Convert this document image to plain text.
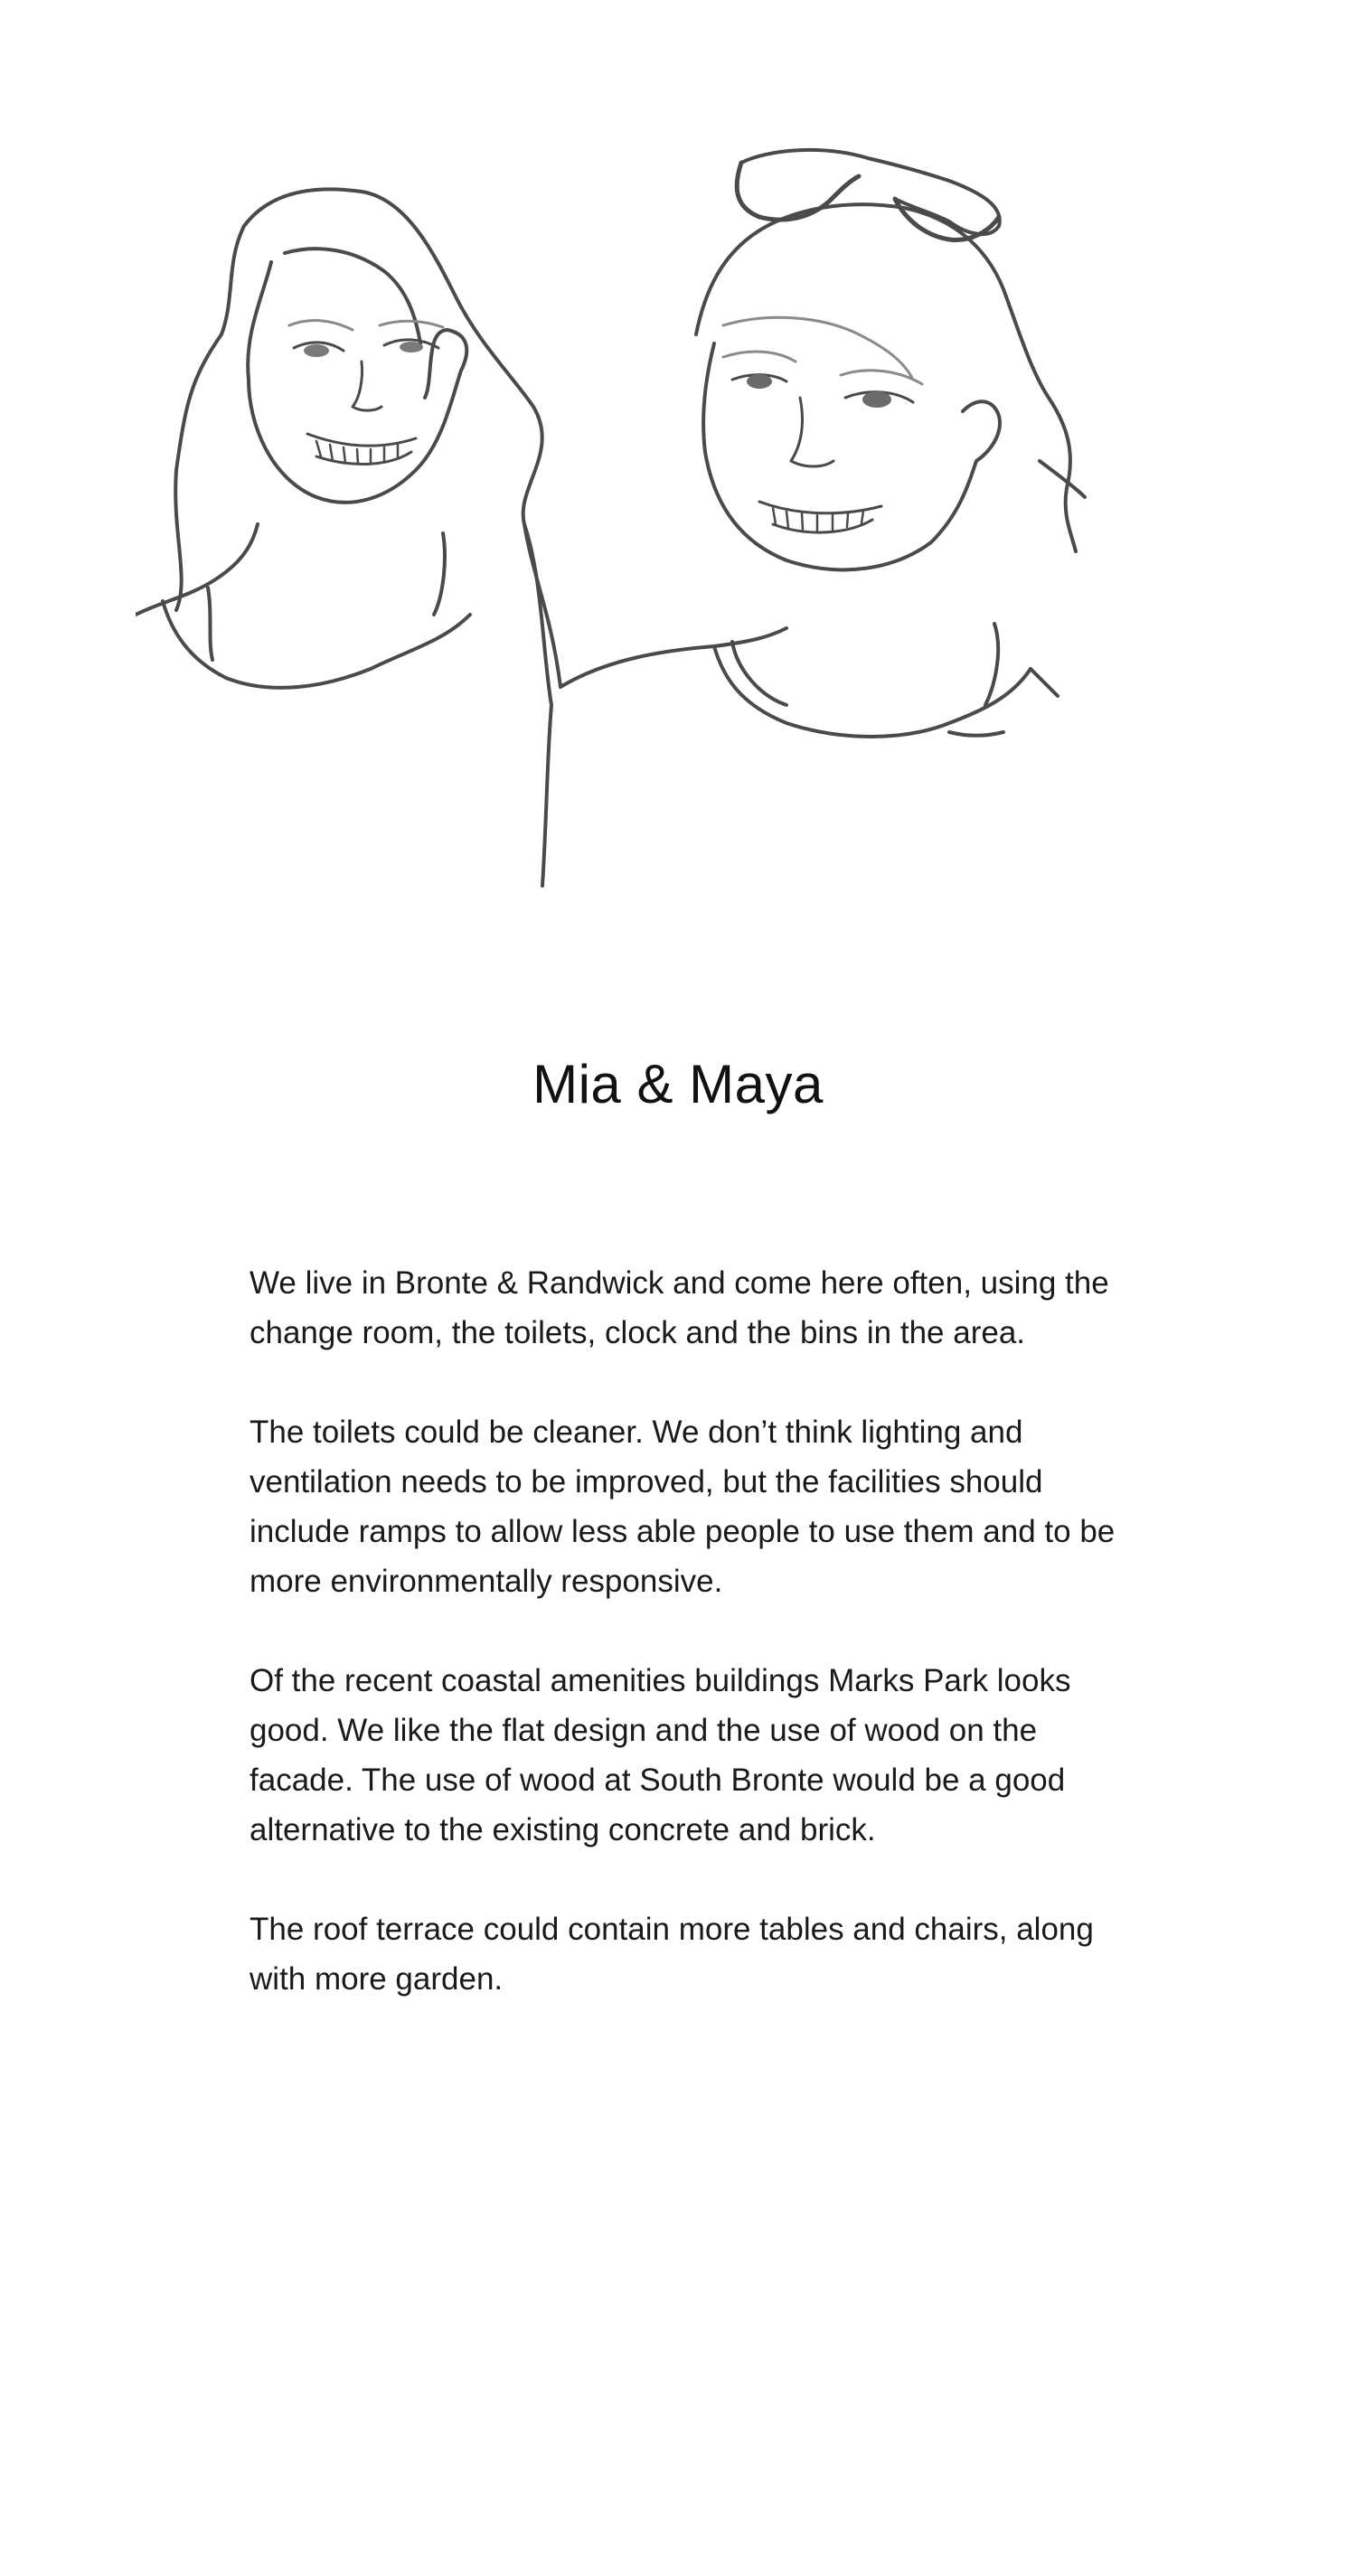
Mia & Maya

We live in Bronte & Randwick and come here often, using the change room, the toilets, clock and the bins in the area.

The toilets could be cleaner. We don’t think lighting and ventilation needs to be improved, but the facilities should include ramps to allow less able people to use them and to be more environmentally responsive.

Of the recent coastal amenities buildings Marks Park looks good. We like the flat design and the use of wood on the facade. The use of wood at South Bronte would be a good alternative to the existing concrete and brick.

The roof terrace could contain more tables and chairs, along with more garden.
